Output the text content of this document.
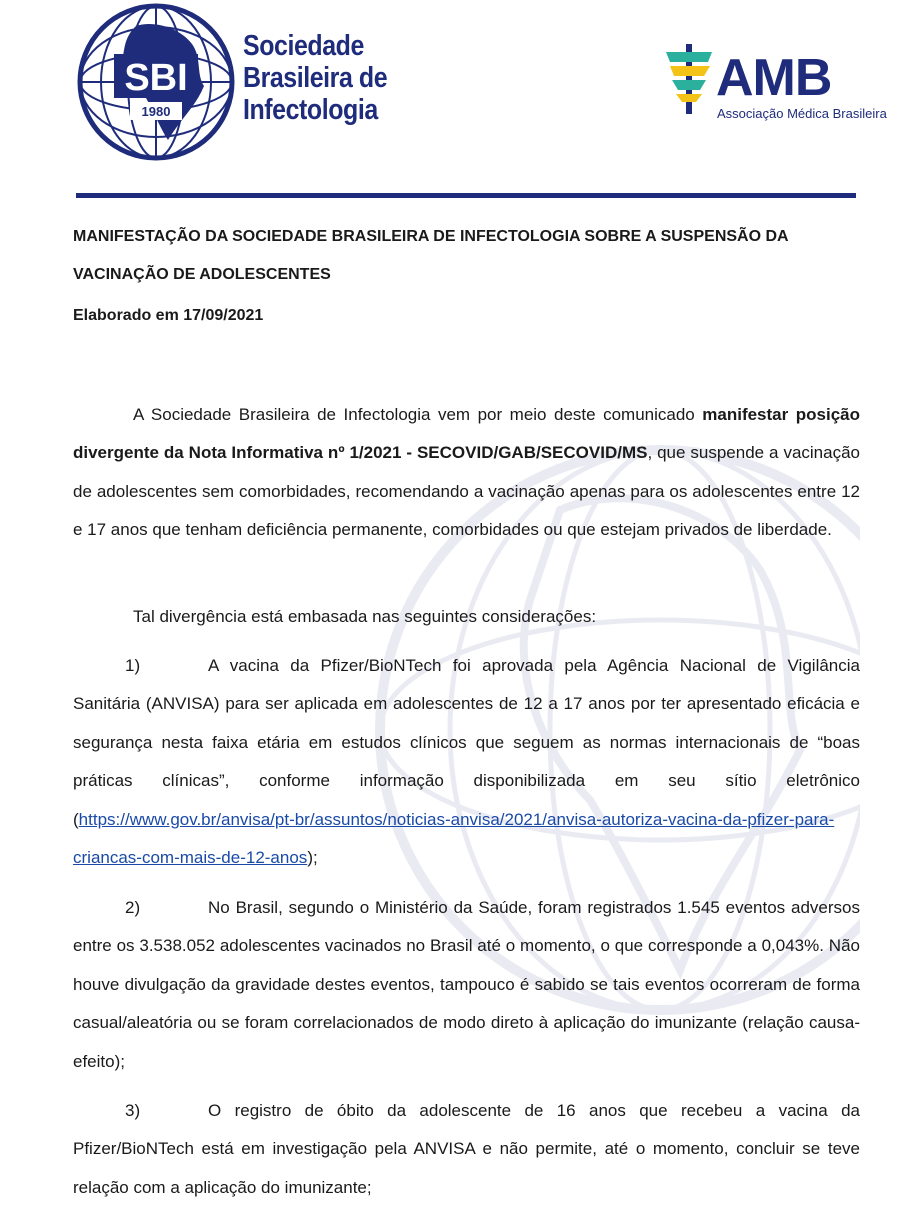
SBI
1980
Sociedade
Brasileira de
Infectologia
AMB
Associação Médica Brasileira
MANIFESTAÇÃO DA SOCIEDADE BRASILEIRA DE INFECTOLOGIA SOBRE A SUSPENSÃO DA VACINAÇÃO DE ADOLESCENTES
Elaborado em 17/09/2021

A Sociedade Brasileira de Infectologia vem por meio deste comunicado manifestar posição divergente da Nota Informativa nº 1/2021 - SECOVID/GAB/SECOVID/MS, que suspende a vacinação de adolescentes sem comorbidades, recomendando a vacinação apenas para os adolescentes entre 12 e 17 anos que tenham deficiência permanente, comorbidades ou que estejam privados de liberdade.

Tal divergência está embasada nas seguintes considerações:

1)	A vacina da Pfizer/BioNTech foi aprovada pela Agência Nacional de Vigilância Sanitária (ANVISA) para ser aplicada em adolescentes de 12 a 17 anos por ter apresentado eficácia e segurança nesta faixa etária em estudos clínicos que seguem as normas internacionais de “boas práticas clínicas”, conforme informação disponibilizada em seu sítio eletrônico (https://www.gov.br/anvisa/pt-br/assuntos/noticias-anvisa/2021/anvisa-autoriza-vacina-da-pfizer-para-criancas-com-mais-de-12-anos);

2)	No Brasil, segundo o Ministério da Saúde, foram registrados 1.545 eventos adversos entre os 3.538.052 adolescentes vacinados no Brasil até o momento, o que corresponde a 0,043%. Não houve divulgação da gravidade destes eventos, tampouco é sabido se tais eventos ocorreram de forma casual/aleatória ou se foram correlacionados de modo direto à aplicação do imunizante (relação causa-efeito);

3)	O registro de óbito da adolescente de 16 anos que recebeu a vacina da Pfizer/BioNTech está em investigação pela ANVISA e não permite, até o momento, concluir se teve relação com a aplicação do imunizante;
